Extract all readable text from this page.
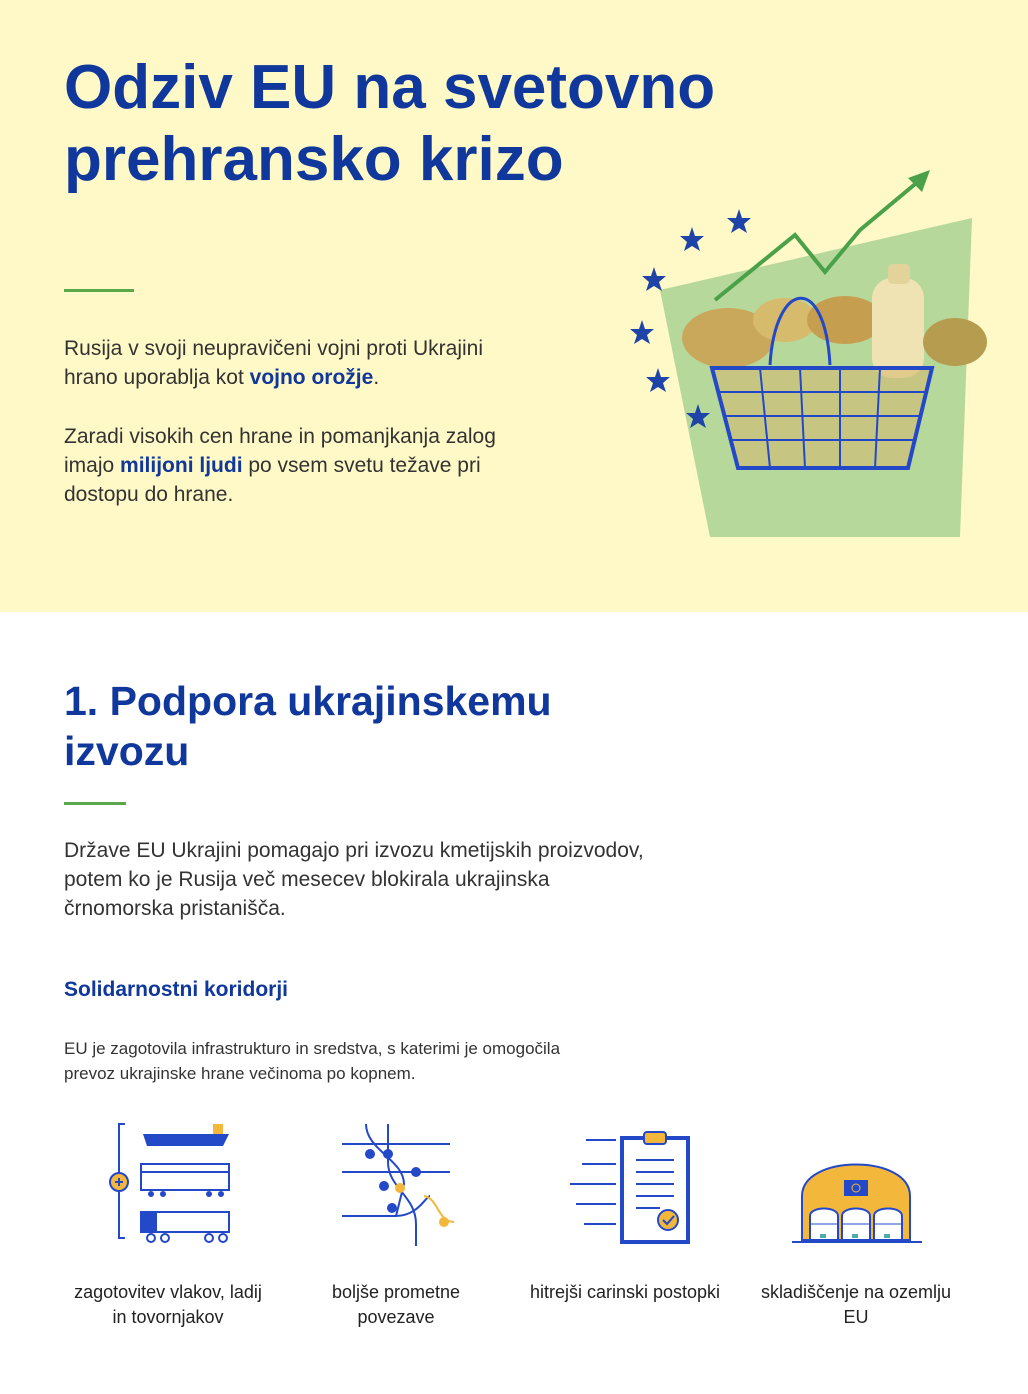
Odziv EU na svetovno prehransko krizo

Rusija v svoji neupravičeni vojni proti Ukrajini hrano uporablja kot vojno orožje.

Zaradi visokih cen hrane in pomanjkanja zalog imajo milijoni ljudi po vsem svetu težave pri dostopu do hrane.

1. Podpora ukrajinskemu izvozu

Države EU Ukrajini pomagajo pri izvozu kmetijskih proizvodov, potem ko je Rusija več mesecev blokirala ukrajinska črnomorska pristanišča.

Solidarnostni koridorji

EU je zagotovila infrastrukturo in sredstva, s katerimi je omogočila prevoz ukrajinske hrane večinoma po kopnem.

zagotovitev vlakov, ladij in tovornjakov
boljše prometne povezave
hitrejši carinski postopki skladiščenje na ozemlju EU
